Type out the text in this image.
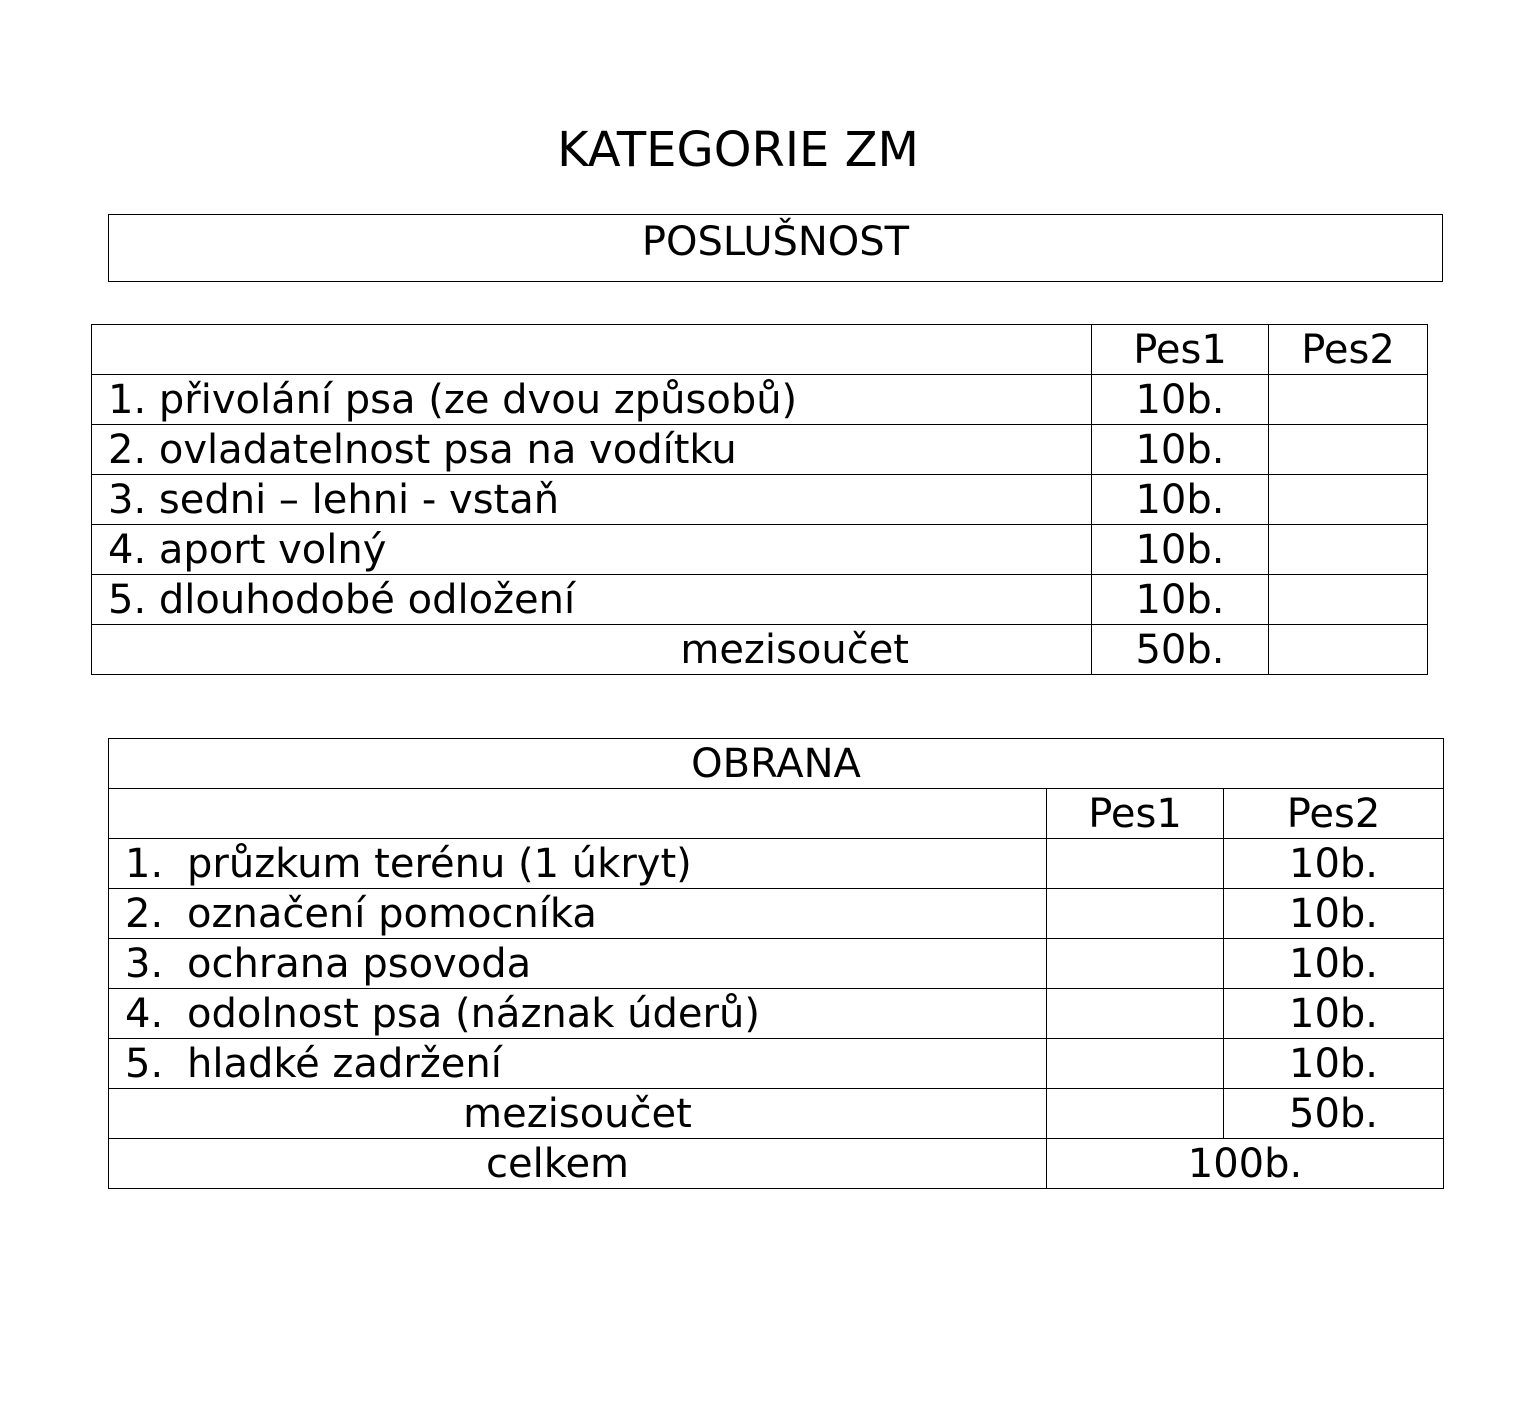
KATEGORIE ZM
POSLUŠNOST
	Pes1	Pes2
1. přivolání psa (ze dvou způsobů)	10b.	
2. ovladatelnost psa na vodítku	10b.	
3. sedni – lehni - vstaň	10b.	
4. aport volný	10b.	
5. dlouhodobé odložení	10b.	
mezisoučet	50b.	
OBRANA		
	Pes1	Pes2
1. průzkum terénu (1 úkryt)		10b.
2. označení pomocníka		10b.
3. ochrana psovoda		10b.
4. odolnost psa (náznak úderů)		10b.
5. hladké zadržení		10b.
mezisoučet		50b.
celkem	100b.	
